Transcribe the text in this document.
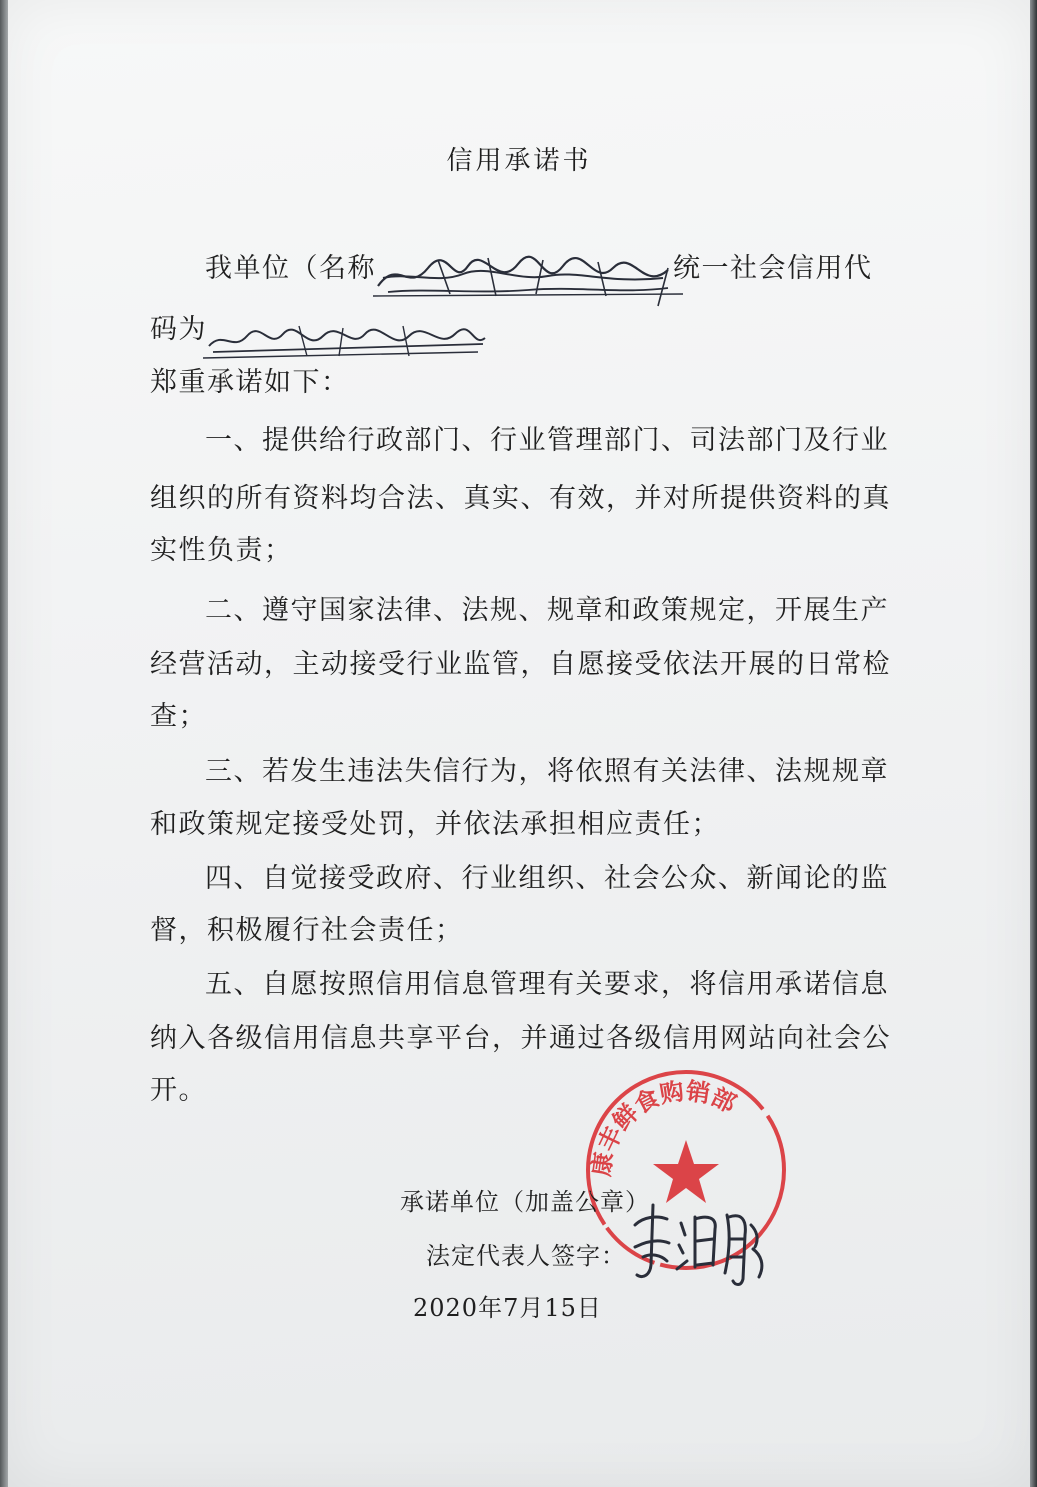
信用承诺书
我单位（名称	统一社会信用代
码为
郑重承诺如下：
一、提供给行政部门、行业管理部门、司法部门及行业
组织的所有资料均合法、真实、有效，并对所提供资料的真
实性负责；
二、遵守国家法律、法规、规章和政策规定，开展生产
经营活动，主动接受行业监管，自愿接受依法开展的日常检
查；
三、若发生违法失信行为，将依照有关法律、法规规章
和政策规定接受处罚，并依法承担相应责任；
四、自觉接受政府、行业组织、社会公众、新闻论的监
督，积极履行社会责任；
五、自愿按照信用信息管理有关要求，将信用承诺信息
纳入各级信用信息共享平台，并通过各级信用网站向社会公
开。
康丰鲜食购销部
承诺单位（加盖公章）
法定代表人签字：
2020年7月15日
